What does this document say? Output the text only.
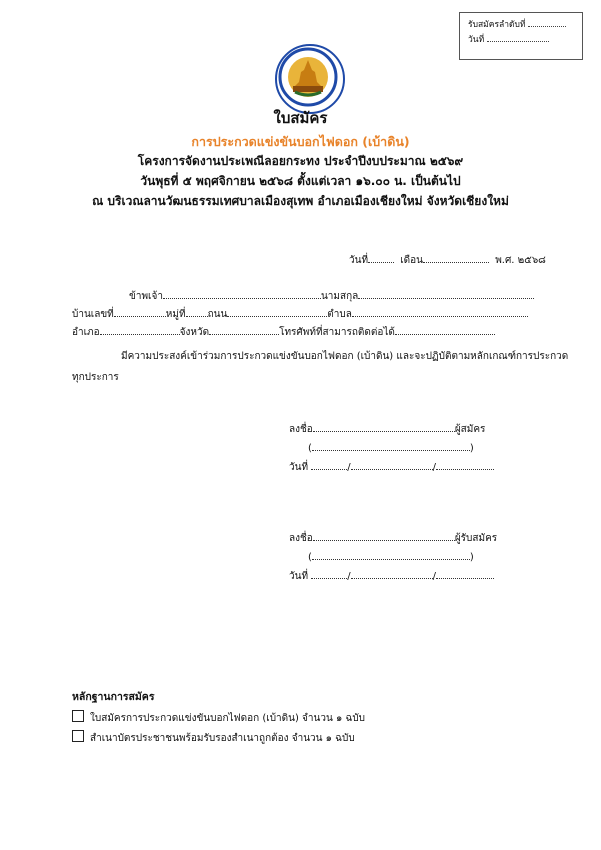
รับสมัครลำดับที่
วันที่
ใบสมัคร
การประกวดแข่งขันบอกไฟดอก (เบ้าดิน)
โครงการจัดงานประเพณีลอยกระทง ประจำปีงบประมาณ ๒๕๖๙
วันพุธที่ ๕ พฤศจิกายน ๒๕๖๘ ตั้งแต่เวลา ๑๖.๐๐ น. เป็นต้นไป
ณ บริเวณลานวัฒนธรรมเทศบาลเมืองสุเทพ อำเภอเมืองเชียงใหม่ จังหวัดเชียงใหม่
วันที่	เดือน	พ.ศ. ๒๕๖๘
ข้าพเจ้า	นามสกุล
บ้านเลขที่	หมู่ที่ ถนน	ตำบล
อำเภอ	จังหวัด	โทรศัพท์ที่สามารถติดต่อได้
มีความประสงค์เข้าร่วมการประกวดแข่งขันบอกไฟดอก (เบ้าดิน) และจะปฏิบัติตามหลักเกณฑ์การประกวด
ทุกประการ
ลงชื่อ	ผู้สมัคร
(	)
วันที่	/	/
ลงชื่อ	ผู้รับสมัคร
(	)
วันที่	/	/
หลักฐานการสมัคร
ใบสมัครการประกวดแข่งขันบอกไฟดอก (เบ้าดิน) จำนวน ๑ ฉบับ
สำเนาบัตรประชาชนพร้อมรับรองสำเนาถูกต้อง จำนวน ๑ ฉบับ
